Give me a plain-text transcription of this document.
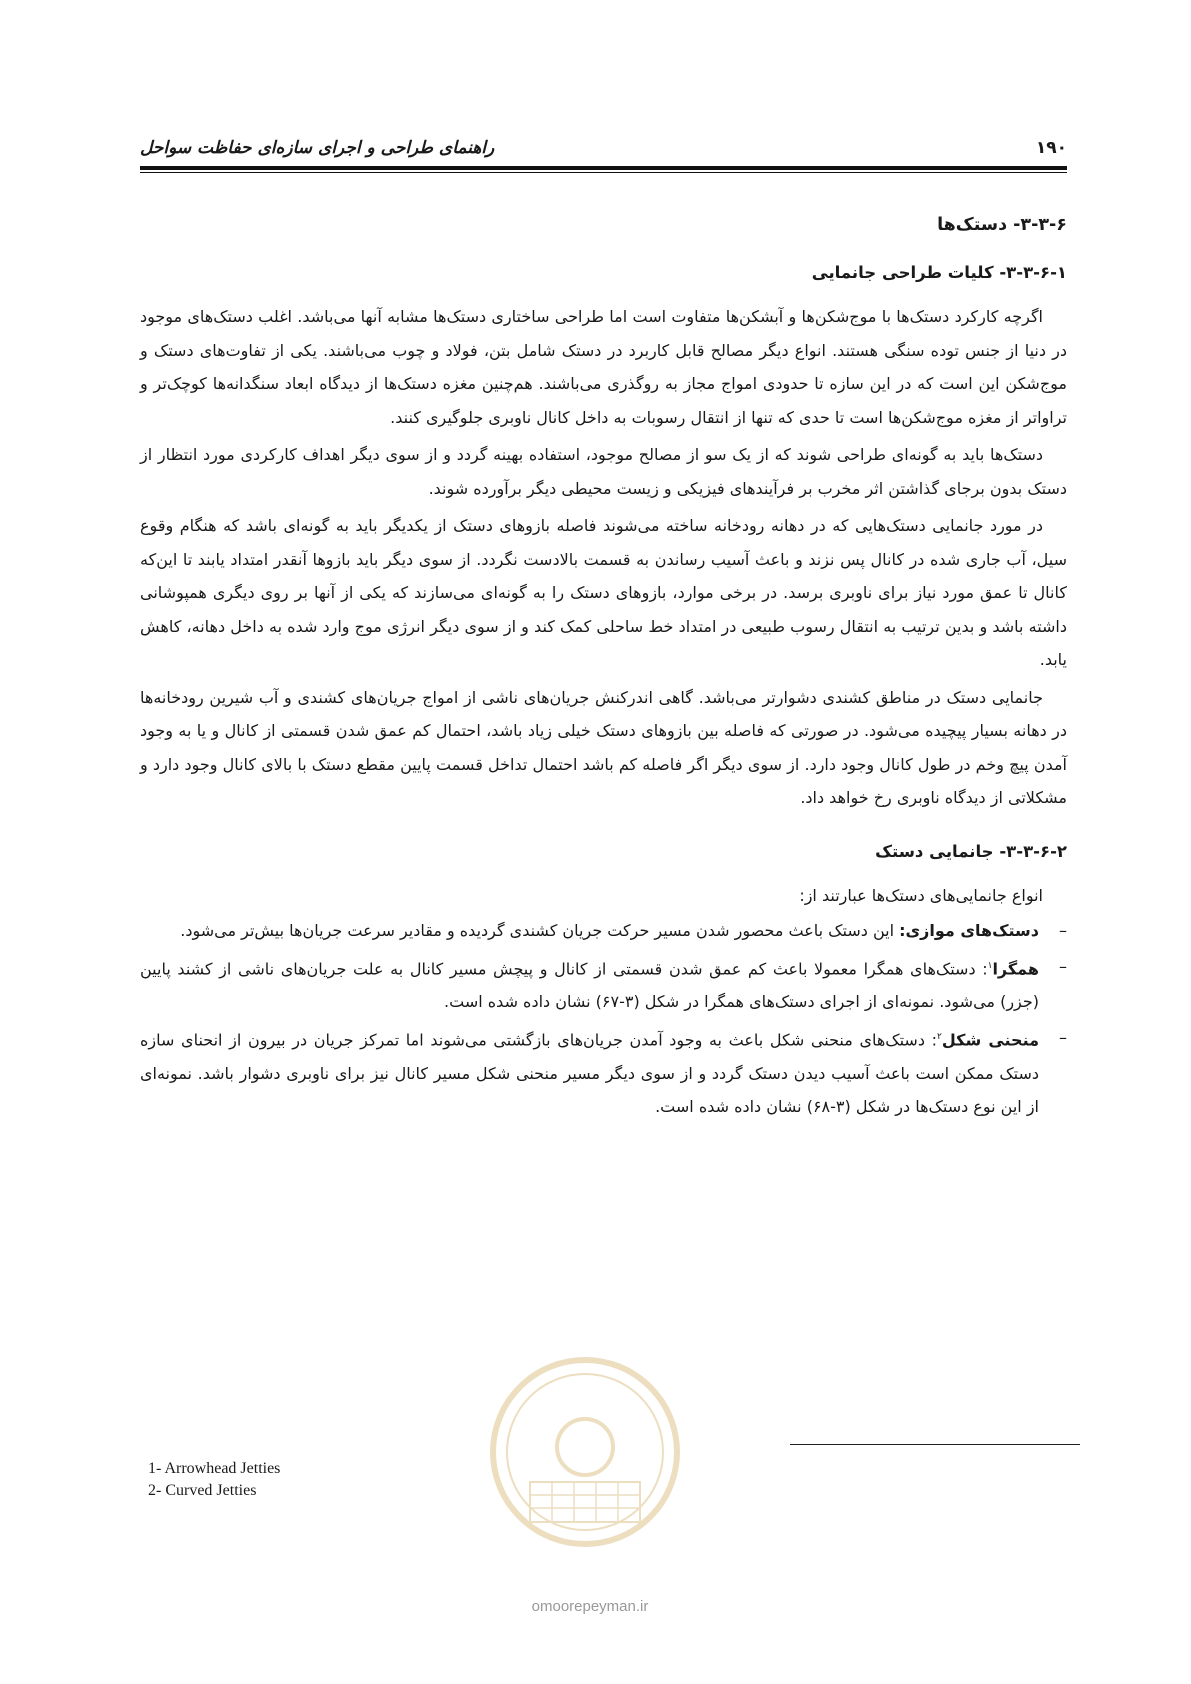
۱۹۰
راهنمای طراحی و اجرای سازه‌ای حفاظت سواحل
۳-۳-۶- دستک‌ها
۳-۳-۶-۱- کلیات طراحی جانمایی

اگرچه کارکرد دستک‌ها با موج‌شکن‌ها و آبشکن‌ها متفاوت است اما طراحی ساختاری دستک‌ها مشابه آنها می‌باشد. اغلب دستک‌های موجود در دنیا از جنس توده سنگی هستند. انواع دیگر مصالح قابل کاربرد در دستک شامل بتن، فولاد و چوب می‌باشند. یکی از تفاوت‌های دستک و موج‌شکن این است که در این سازه تا حدودی امواج مجاز به روگذری می‌باشند. هم‌چنین مغزه دستک‌ها از دیدگاه ابعاد سنگدانه‌ها کوچک‌تر و تراواتر از مغزه موج‌شکن‌ها است تا حدی که تنها از انتقال رسوبات به داخل کانال ناوبری جلوگیری کنند.

دستک‌ها باید به گونه‌ای طراحی شوند که از یک سو از مصالح موجود، استفاده بهینه گردد و از سوی دیگر اهداف کارکردی مورد انتظار از دستک بدون برجای گذاشتن اثر مخرب بر فرآیندهای فیزیکی و زیست محیطی دیگر برآورده شوند.

در مورد جانمایی دستک‌هایی که در دهانه رودخانه ساخته می‌شوند فاصله بازوهای دستک از یکدیگر باید به گونه‌ای باشد که هنگام وقوع سیل، آب جاری شده در کانال پس نزند و باعث آسیب رساندن به قسمت بالادست نگردد. از سوی دیگر باید بازوها آنقدر امتداد یابند تا این‌که کانال تا عمق مورد نیاز برای ناوبری برسد. در برخی موارد، بازوهای دستک را به گونه‌ای می‌سازند که یکی از آنها بر روی دیگری همپوشانی داشته باشد و بدین ترتیب به انتقال رسوب طبیعی در امتداد خط ساحلی کمک کند و از سوی دیگر انرژی موج وارد شده به داخل دهانه، کاهش یابد.

جانمایی دستک در مناطق کشندی دشوارتر می‌باشد. گاهی اندرکنش جریان‌های ناشی از امواج جریان‌های کشندی و آب شیرین رودخانه‌ها در دهانه بسیار پیچیده می‌شود. در صورتی که فاصله بین بازوهای دستک خیلی زیاد باشد، احتمال کم عمق شدن قسمتی از کانال و یا به وجود آمدن پیچ وخم در طول کانال وجود دارد. از سوی دیگر اگر فاصله کم باشد احتمال تداخل قسمت پایین مقطع دستک با بالای کانال وجود دارد و مشکلاتی از دیدگاه ناوبری رخ خواهد داد.

۳-۳-۶-۲- جانمایی دستک
انواع جانمایی‌های دستک‌ها عبارتند از:
–
دستک‌های موازی: این دستک باعث محصور شدن مسیر حرکت جریان کشندی گردیده و مقادیر سرعت جریان‌ها بیش‌تر می‌شود.
–
همگرا$^۱$: دستک‌های همگرا معمولا باعث کم عمق شدن قسمتی از کانال و پیچش مسیر کانال به علت جریان‌های ناشی از کشند پایین (جزر) می‌شود. نمونه‌ای از اجرای دستک‌های همگرا در شکل (۳-۶۷) نشان داده شده است.
–
منحنی شکل$^۲$: دستک‌های منحنی شکل باعث به وجود آمدن جریان‌های بازگشتی می‌شوند اما تمرکز جریان در بیرون از انحنای سازه دستک ممکن است باعث آسیب دیدن دستک گردد و از سوی دیگر مسیر منحنی شکل مسیر کانال نیز برای ناوبری دشوار باشد. نمونه‌ای از این نوع دستک‌ها در شکل (۳-۶۸) نشان داده شده است.
omoorepeyman.ir
1- Arrowhead Jetties
2- Curved Jetties
